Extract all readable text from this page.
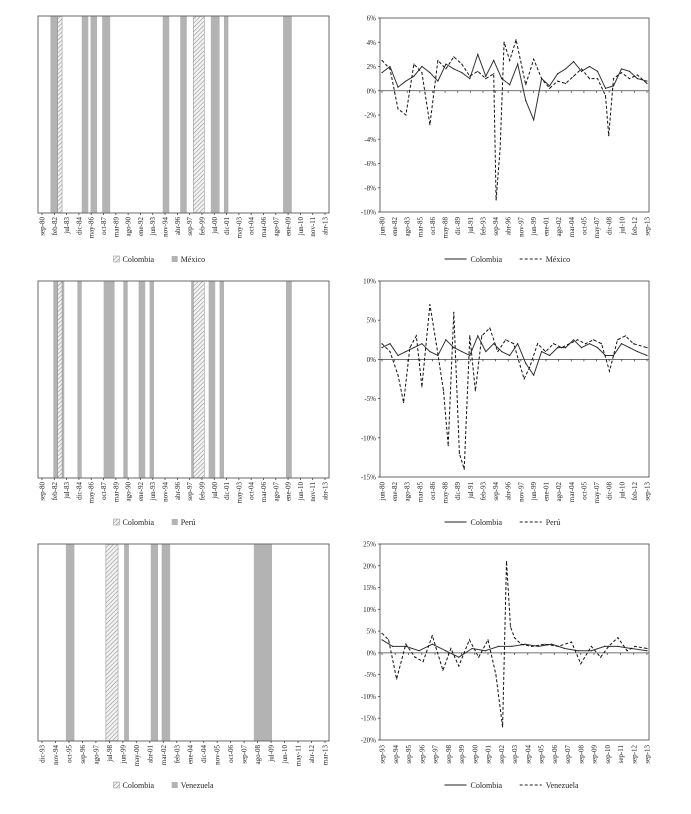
sep-80 feb-82 jul-83 dic-84 may-86 oct-87 mar-89 ago-90 ene-92 jun-93 nov-94 abr-96 sep-97 feb-99 jul-00 dic-01 may-03 oct-04 mar-06 ago-07 ene-09 jun-10 nov-11 abr-13
Colombia	México
sep-80 feb-82 jul-83 dic-84 may-86 oct-87 mar-89 ago-90 ene-92 jun-93 nov-94 abr-96 sep-97 feb-99 jul-00 dic-01 may-03 oct-04 mar-06 ago-07 ene-09 jun-10 nov-11 abr-13
Colombia	Perú
dic-93 nov-94 oct-95 sep-96 ago-97 jul-98 jun-99 may-00 abr-01 mar-02 feb-03 ene-04 dic-04 nov-05 oct-06 sep-07 ago-08 jul-09 jun-10 may-11 abr-12 mar-13
Colombia	Venezuela
6%
4%
2%
0%
-2%
-4%
-6%
-8%
-10%
jun-80 ene-82 ago-83 mar-85 oct-86 may-88 dic-89 jul-91 feb-93 sep-94 abr-96 nov-97 jun-99 ene-01 ago-02 mar-04 oct-05 may-07 dic-08 jul-10 feb-12 sep-13
Colombia	México
10%
5%
0%
-5%
-10%
-15%
jun-80 ene-82 ago-83 mar-85 oct-86 may-88 dic-89 jul-91 feb-93 sep-94 abr-96 nov-97 jun-99 ene-01 ago-02 mar-04 oct-05 may-07 dic-08 jul-10 feb-12 sep-13
Colombia	Perú
25%
20%
15%
10%
5%
0%
-5%
-10%
-15%
-20%
sep-93 sep-94 sep-95 sep-96 sep-97 sep-98 sep-99 sep-00 sep-01 sep-02 sep-03 sep-04 sep-05 sep-06 sep-07 sep-08 sep-09 sep-10 sep-11 sep-12 sep-13
Colombia	Venezuela
